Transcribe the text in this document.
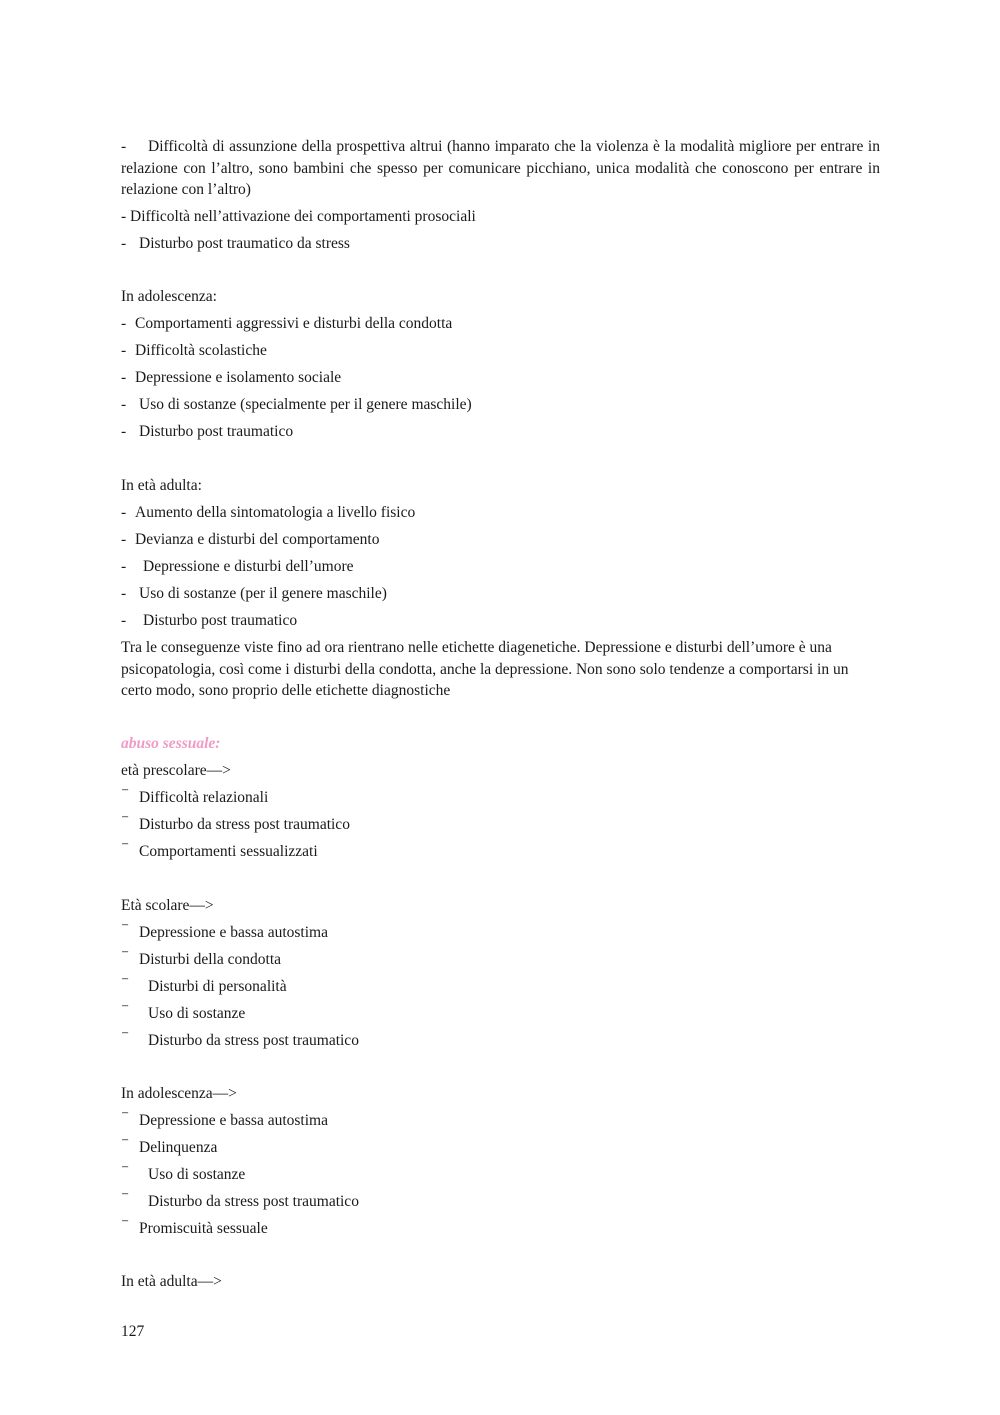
- Difficoltà di assunzione della prospettiva altrui (hanno imparato che la violenza è la modalità migliore per entrare in relazione con l’altro, sono bambini che spesso per comunicare picchiano, unica modalità che conoscono per entrare in relazione con l’altro)
- Difficoltà nell’attivazione dei comportamenti prosociali
- Disturbo post traumatico da stress
In adolescenza:
- Comportamenti aggressivi e disturbi della condotta
- Difficoltà scolastiche
- Depressione e isolamento sociale
- Uso di sostanze (specialmente per il genere maschile)
- Disturbo post traumatico
In età adulta:
- Aumento della sintomatologia a livello fisico
- Devianza e disturbi del comportamento
- Depressione e disturbi dell’umore
- Uso di sostanze (per il genere maschile)
- Disturbo post traumatico
Tra le conseguenze viste fino ad ora rientrano nelle etichette diagenetiche. Depressione e disturbi dell’umore è una psicopatologia, così come i disturbi della condotta, anche la depressione. Non sono solo tendenze a comportarsi in un certo modo, sono proprio delle etichette diagnostiche
abuso sessuale:
età prescolare—>
⁻ Difficoltà relazionali
⁻ Disturbo da stress post traumatico
⁻ Comportamenti sessualizzati
Età scolare—>
⁻ Depressione e bassa autostima
⁻ Disturbi della condotta
⁻ Disturbi di personalità
⁻ Uso di sostanze
⁻ Disturbo da stress post traumatico
In adolescenza—>
⁻ Depressione e bassa autostima
⁻ Delinquenza
⁻ Uso di sostanze
⁻ Disturbo da stress post traumatico
⁻ Promiscuità sessuale
In età adulta—>
127
